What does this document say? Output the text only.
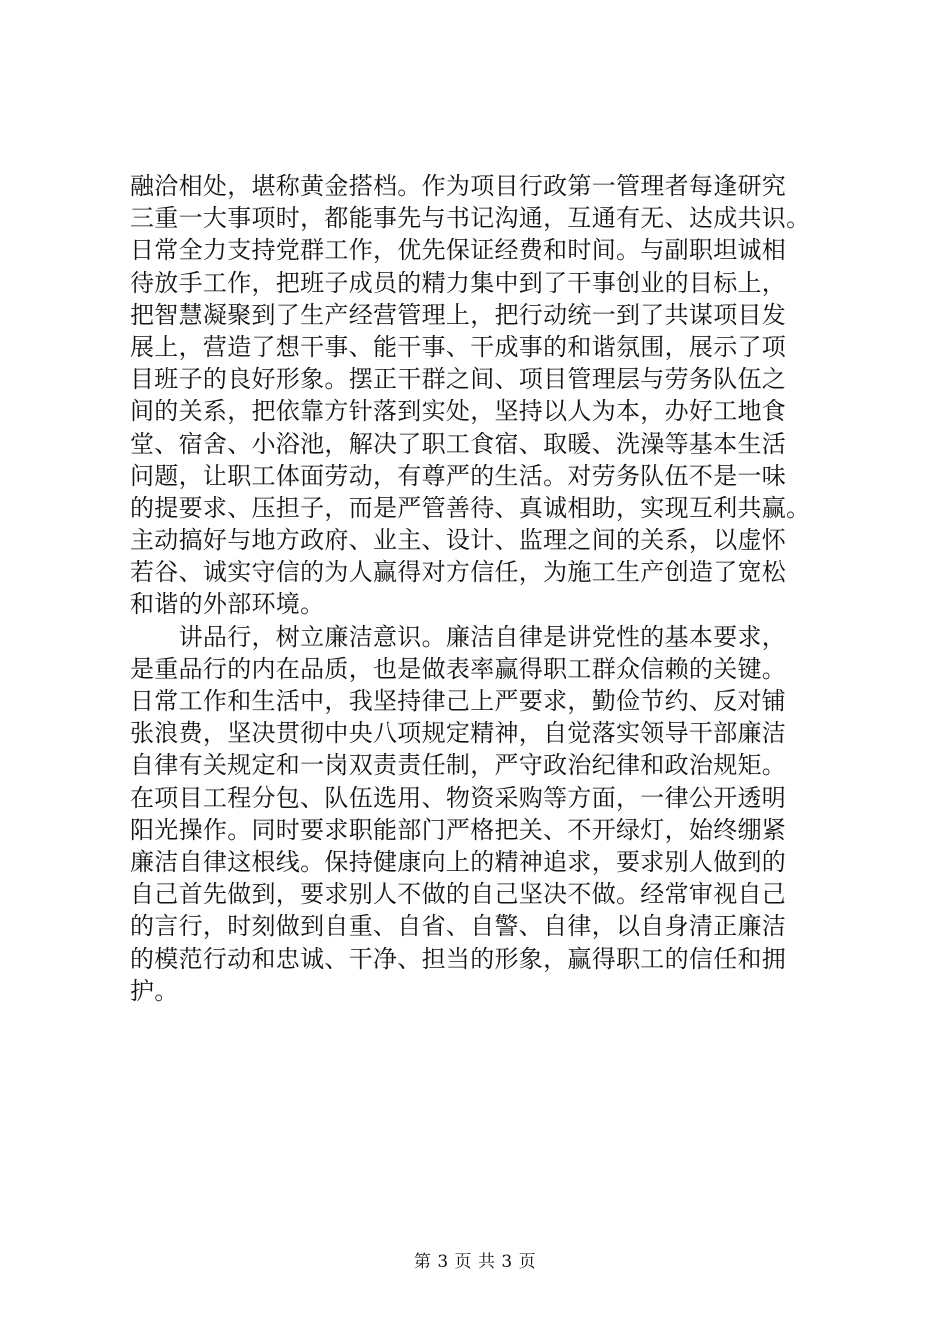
融洽相处，堪称黄金搭档。作为项目行政第一管理者每逢研究
三重一大事项时，都能事先与书记沟通，互通有无、达成共识。
日常全力支持党群工作，优先保证经费和时间。与副职坦诚相
待放手工作，把班子成员的精力集中到了干事创业的目标上，
把智慧凝聚到了生产经营管理上，把行动统一到了共谋项目发
展上，营造了想干事、能干事、干成事的和谐氛围，展示了项
目班子的良好形象。摆正干群之间、项目管理层与劳务队伍之
间的关系，把依靠方针落到实处，坚持以人为本，办好工地食
堂、宿舍、小浴池，解决了职工食宿、取暖、洗澡等基本生活
问题，让职工体面劳动，有尊严的生活。对劳务队伍不是一味
的提要求、压担子，而是严管善待、真诚相助，实现互利共赢。
主动搞好与地方政府、业主、设计、监理之间的关系，以虚怀
若谷、诚实守信的为人赢得对方信任，为施工生产创造了宽松
和谐的外部环境。
　　讲品行，树立廉洁意识。廉洁自律是讲党性的基本要求，
是重品行的内在品质，也是做表率赢得职工群众信赖的关键。
日常工作和生活中，我坚持律己上严要求，勤俭节约、反对铺
张浪费，坚决贯彻中央八项规定精神，自觉落实领导干部廉洁
自律有关规定和一岗双责责任制，严守政治纪律和政治规矩。
在项目工程分包、队伍选用、物资采购等方面，一律公开透明
阳光操作。同时要求职能部门严格把关、不开绿灯，始终绷紧
廉洁自律这根线。保持健康向上的精神追求，要求别人做到的
自己首先做到，要求别人不做的自己坚决不做。经常审视自己
的言行，时刻做到自重、自省、自警、自律，以自身清正廉洁
的模范行动和忠诚、干净、担当的形象，赢得职工的信任和拥
护。
第 3 页 共 3 页
